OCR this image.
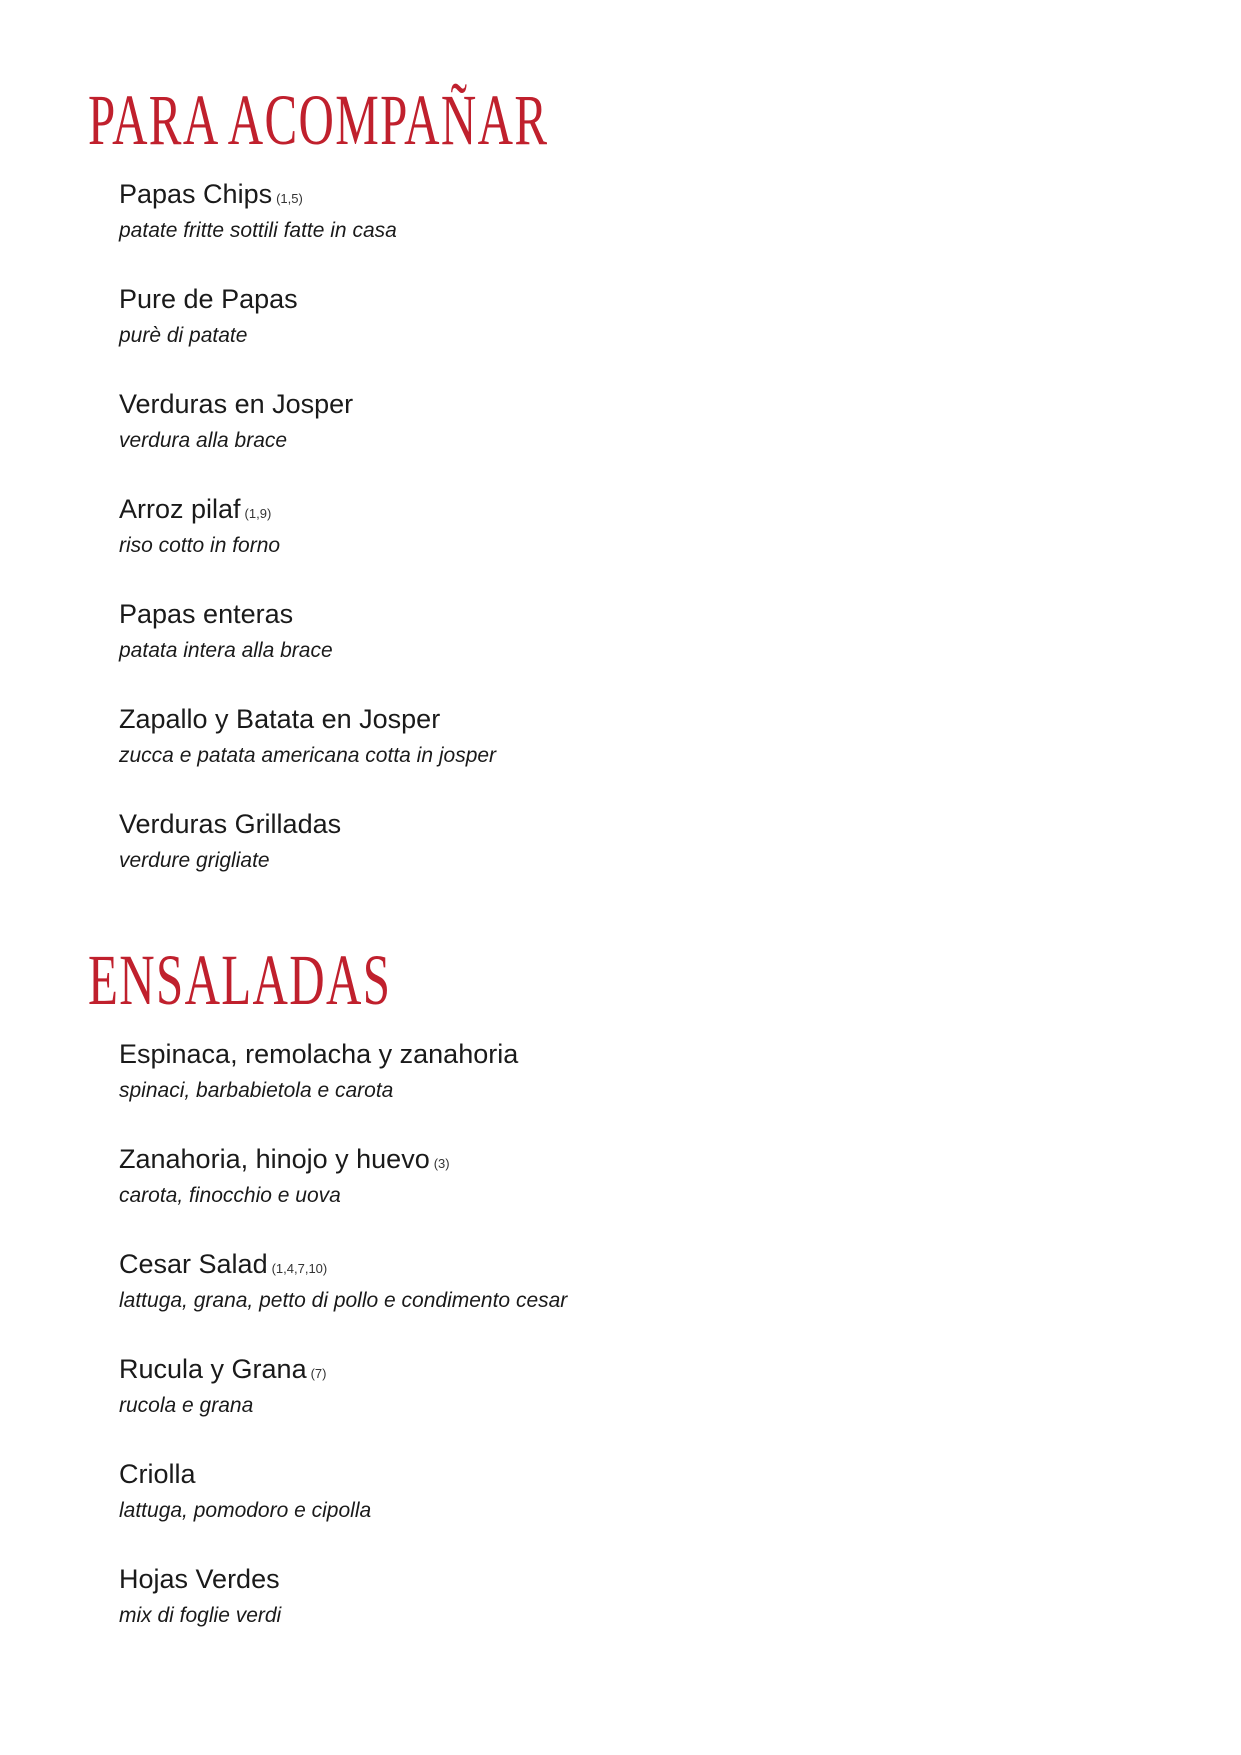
PARA ACOMPAÑAR
Papas Chips (1,5)
patate fritte sottili fatte in casa
Pure de Papas
purè di patate
Verduras en Josper
verdura alla brace
Arroz pilaf (1,9)
riso cotto in forno
Papas enteras
patata intera alla brace
Zapallo y Batata en Josper
zucca e patata americana cotta in josper
Verduras Grilladas
verdure grigliate
ENSALADAS
Espinaca, remolacha y zanahoria
spinaci, barbabietola e carota
Zanahoria, hinojo y huevo (3)
carota, finocchio e uova
Cesar Salad (1,4,7,10)
lattuga, grana, petto di pollo e condimento cesar
Rucula y Grana (7)
rucola e grana
Criolla
lattuga, pomodoro e cipolla
Hojas Verdes
mix di foglie verdi
